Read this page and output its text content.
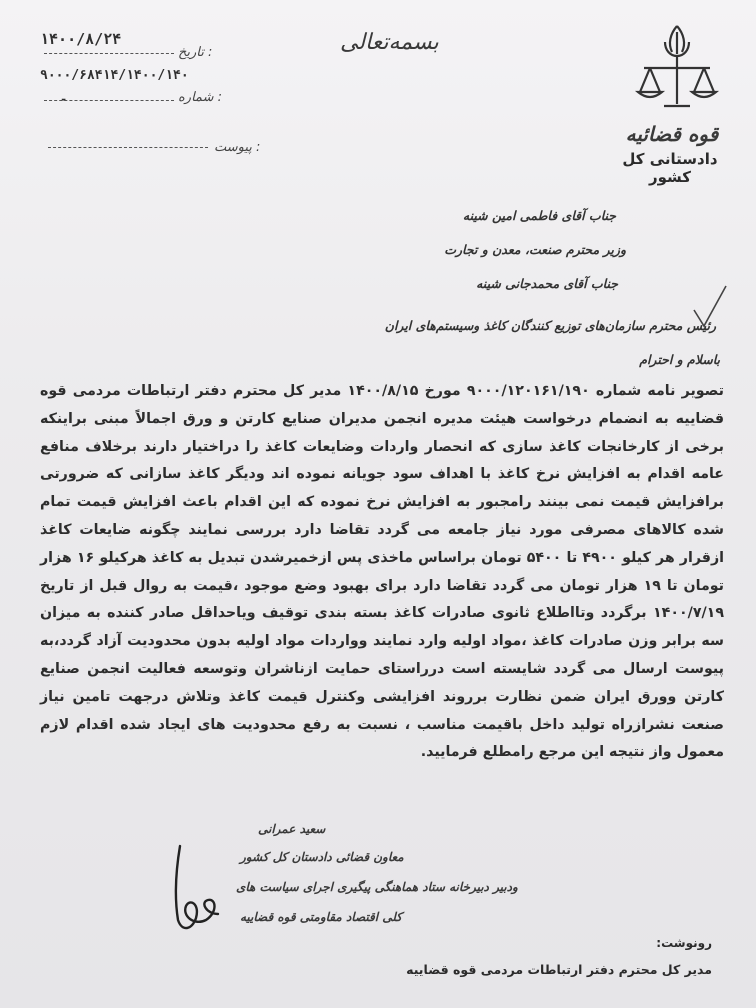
۱۴۰۰/۸/۲۴
تاریخ :
۹۰۰۰/۶۸۴۱۴/۱۴۰۰/۱۴۰
شماره :
-
پیوست :
بسمه‌تعالی
قوه قضائیه
دادستانی کل کشور
جناب آقای فاطمی امین شینه
وزیر محترم صنعت، معدن و تجارت
جناب آقای محمدجانی شینه
رئیس محترم سازمان‌های توزیع کنندگان کاغذ وسیستم‌های ایران
باسلام و احترام
تصویر نامه شماره ۹۰۰۰/۱۲۰۱۶۱/۱۹۰ مورخ ۱۴۰۰/۸/۱۵ مدیر کل محترم دفتر ارتباطات مردمی قوه قضاییه به انضمام درخواست هیئت مدیره انجمن مدیران صنایع کارتن و ورق اجمالاً مبنی براینکه برخی از کارخانجات کاغذ سازی که انحصار واردات وضایعات کاغذ را دراختیار دارند برخلاف منافع عامه اقدام به افزایش نرخ کاغذ با اهداف سود جویانه نموده اند ودیگر کاغذ سازانی که ضرورتی برافزایش قیمت نمی بینند رامجبور به افزایش نرخ نموده که این اقدام باعث افزایش قیمت تمام شده کالاهای مصرفی مورد نیاز جامعه می گردد تقاضا دارد بررسی نمایند چگونه ضایعات کاغذ ازقرار هر کیلو ۴۹۰۰ تا ۵۴۰۰ تومان براساس ماخذی پس ازخمیرشدن تبدیل به کاغذ هرکیلو ۱۶ هزار تومان تا ۱۹ هزار تومان می گردد تقاضا دارد برای بهبود وضع موجود ،قیمت به روال قبل از تاریخ ۱۴۰۰/۷/۱۹ برگردد وتااطلاع ثانوی صادرات کاغذ بسته بندی توقیف ویاحداقل صادر کننده به میزان سه برابر وزن صادرات کاغذ ،مواد اولیه وارد نمایند وواردات مواد اولیه بدون محدودیت آزاد گردد،به پیوست ارسال می گردد شایسته است درراستای حمایت ازناشران وتوسعه فعالیت انجمن صنایع کارتن وورق ایران ضمن نظارت برروند افزایشی وکنترل قیمت کاغذ وتلاش درجهت تامین نیاز صنعت نشرازراه تولید داخل باقیمت مناسب ، نسبت به رفع محدودیت های ایجاد شده اقدام لازم معمول واز نتیجه این مرجع رامطلع فرمایید.
سعید عمرانی
معاون قضائی دادستان کل کشور
ودبیر دبیرخانه ستاد هماهنگی پیگیری اجرای سیاست های
کلی اقتصاد مقاومتی قوه قضاییه
رونوشت:
مدیر کل محترم دفتر ارتباطات مردمی قوه قضاییه
